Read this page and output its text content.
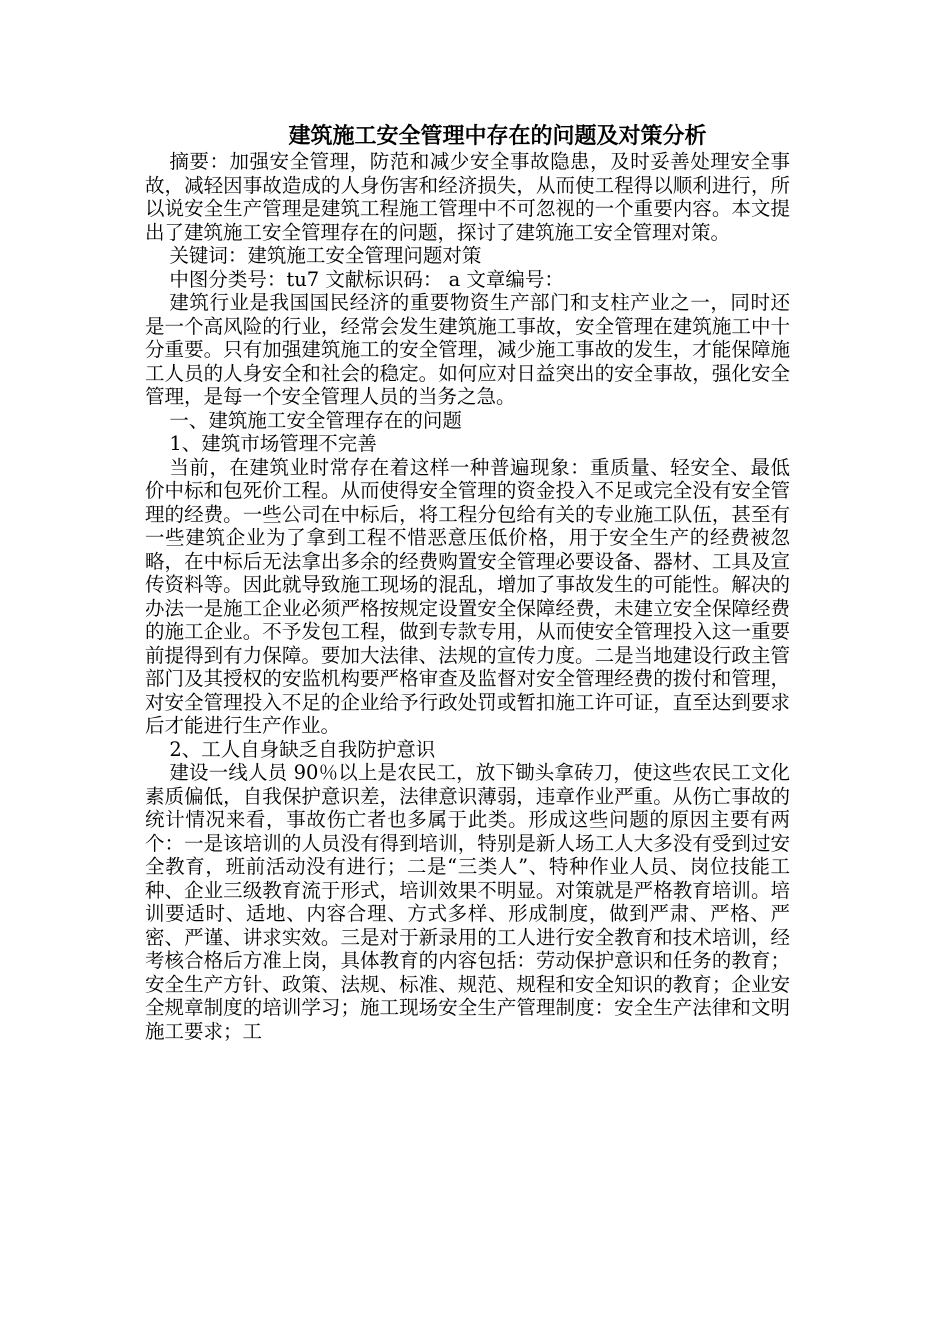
建筑施工安全管理中存在的问题及对策分析

摘要：加强安全管理，防范和减少安全事故隐患，及时妥善处理安全事故，减轻因事故造成的人身伤害和经济损失，从而使工程得以顺利进行，所以说安全生产管理是建筑工程施工管理中不可忽视的一个重要内容。本文提出了建筑施工安全管理存在的问题，探讨了建筑施工安全管理对策。

关键词：建筑施工安全管理问题对策

中图分类号：tu7 文献标识码： a 文章编号：

建筑行业是我国国民经济的重要物资生产部门和支柱产业之一，同时还是一个高风险的行业，经常会发生建筑施工事故，安全管理在建筑施工中十分重要。只有加强建筑施工的安全管理，减少施工事故的发生，才能保障施工人员的人身安全和社会的稳定。如何应对日益突出的安全事故，强化安全管理，是每一个安全管理人员的当务之急。

一、建筑施工安全管理存在的问题

1、建筑市场管理不完善

当前，在建筑业时常存在着这样一种普遍现象：重质量、轻安全、最低价中标和包死价工程。从而使得安全管理的资金投入不足或完全没有安全管理的经费。一些公司在中标后，将工程分包给有关的专业施工队伍，甚至有一些建筑企业为了拿到工程不惜恶意压低价格，用于安全生产的经费被忽略，在中标后无法拿出多余的经费购置安全管理必要设备、器材、工具及宣传资料等。因此就导致施工现场的混乱，增加了事故发生的可能性。解决的办法一是施工企业必须严格按规定设置安全保障经费，未建立安全保障经费的施工企业。不予发包工程，做到专款专用，从而使安全管理投入这一重要前提得到有力保障。要加大法律、法规的宣传力度。二是当地建设行政主管部门及其授权的安监机构要严格审查及监督对安全管理经费的拨付和管理，对安全管理投入不足的企业给予行政处罚或暂扣施工许可证，直至达到要求后才能进行生产作业。

2、工人自身缺乏自我防护意识

建设一线人员 90％以上是农民工，放下锄头拿砖刀，使这些农民工文化素质偏低，自我保护意识差，法律意识薄弱，违章作业严重。从伤亡事故的统计情况来看，事故伤亡者也多属于此类。形成这些问题的原因主要有两个：一是该培训的人员没有得到培训，特别是新人场工人大多没有受到过安全教育，班前活动没有进行；二是“三类人”、特种作业人员、岗位技能工种、企业三级教育流于形式，培训效果不明显。对策就是严格教育培训。培训要适时、适地、内容合理、方式多样、形成制度，做到严肃、严格、严密、严谨、讲求实效。三是对于新录用的工人进行安全教育和技术培训，经考核合格后方准上岗，具体教育的内容包括：劳动保护意识和任务的教育；安全生产方针、政策、法规、标准、规范、规程和安全知识的教育；企业安全规章制度的培训学习；施工现场安全生产管理制度：安全生产法律和文明施工要求；工
